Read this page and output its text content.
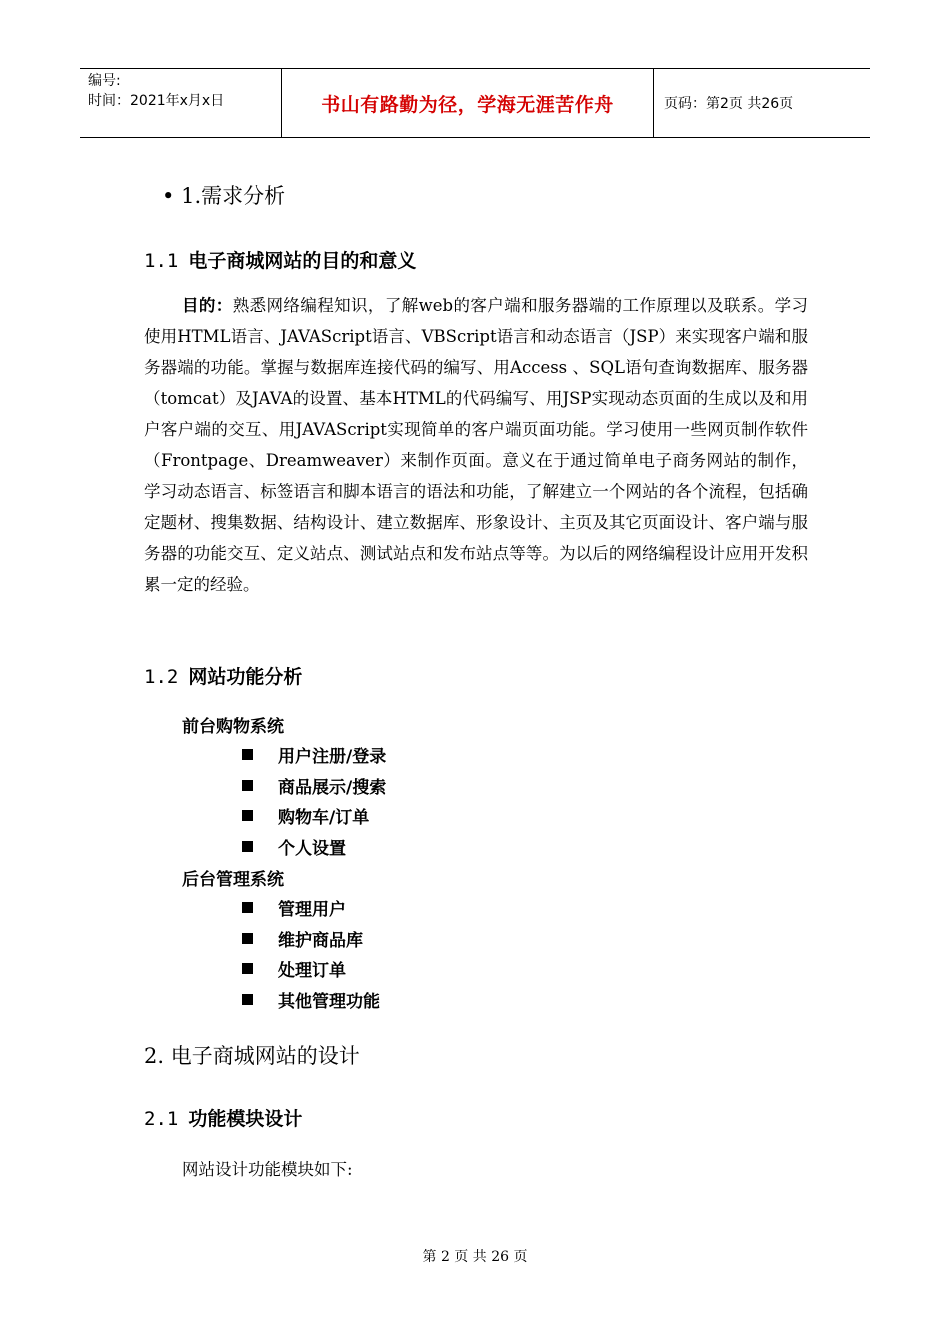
编号:
时间：2021年x月x日	书山有路勤为径，学海无涯苦作舟	页码：第2页 共26页
• 1.需求分析
1.1 电子商城网站的目的和意义

目的：熟悉网络编程知识，了解web的客户端和服务器端的工作原理以及联系。学习使用HTML语言、JAVAScript语言、VBScript语言和动态语言（JSP）来实现客户端和服务器端的功能。掌握与数据库连接代码的编写、用Access 、SQL语句查询数据库、服务器（tomcat）及JAVA的设置、基本HTML的代码编写、用JSP实现动态页面的生成以及和用户客户端的交互、用JAVAScript实现简单的客户端页面功能。学习使用一些网页制作软件（Frontpage、Dreamweaver）来制作页面。意义在于通过简单电子商务网站的制作，学习动态语言、标签语言和脚本语言的语法和功能，了解建立一个网站的各个流程，包括确定题材、搜集数据、结构设计、建立数据库、形象设计、主页及其它页面设计、客户端与服务器的功能交互、定义站点、测试站点和发布站点等等。为以后的网络编程设计应用开发积累一定的经验。

1.2 网站功能分析
前台购物系统
用户注册/登录
商品展示/搜索
购物车/订单
个人设置
后台管理系统
管理用户
维护商品库
处理订单
其他管理功能
2. 电子商城网站的设计
2.1 功能模块设计
网站设计功能模块如下:
第 2 页 共 26 页
